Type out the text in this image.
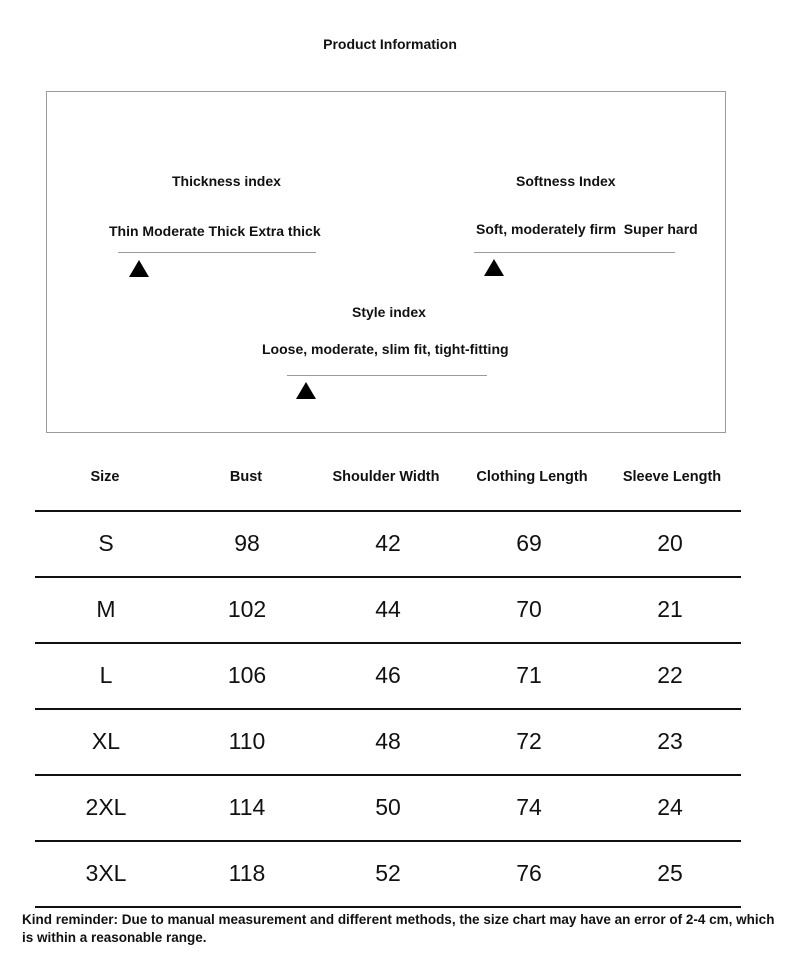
Product Information
Thickness index
Thin Moderate Thick Extra thick
Softness Index
Soft, moderately firm  Super hard
Style index
Loose, moderate, slim fit, tight-fitting
Size	Bust	Shoulder Width	Clothing Length	Sleeve Length
S	98	42	69	20
M	102	44	70	21
L	106	46	71	22
XL	110	48	72	23
2XL	114	50	74	24
3XL	118	52	76	25
Kind reminder: Due to manual measurement and different methods, the size chart may have an error of 2-4 cm, which is within a reasonable range.
